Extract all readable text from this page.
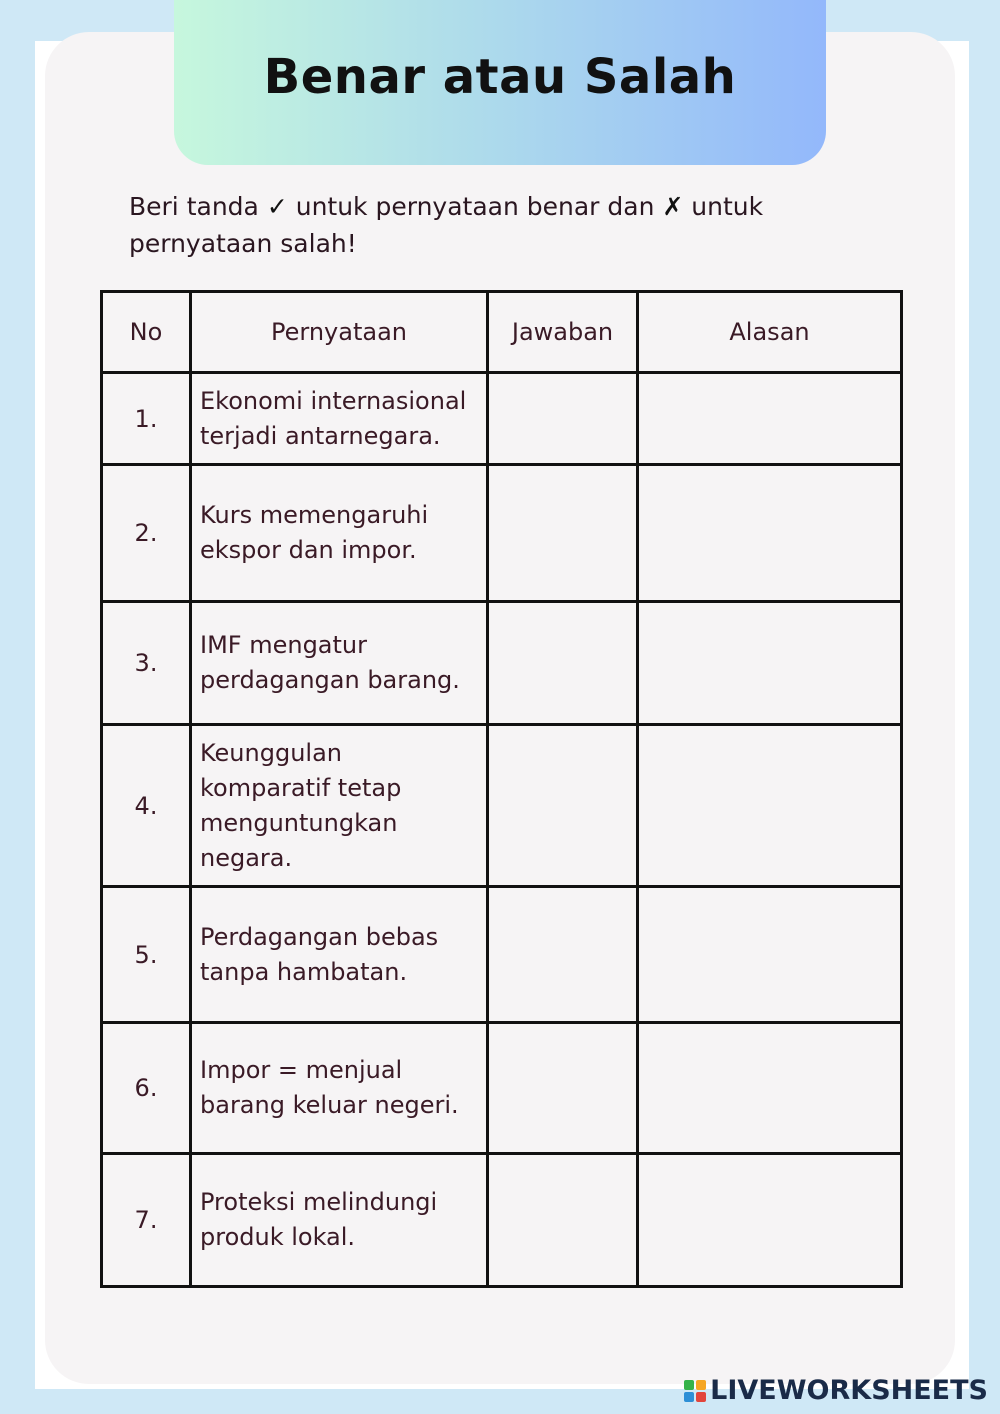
Benar atau Salah
Beri tanda ✓ untuk pernyataan benar dan ✗ untuk
pernyataan salah!
No	Pernyataan	Jawaban	Alasan
1.	Ekonomi internasional terjadi antarnegara.		
2.	Kurs memengaruhi ekspor dan impor.		
3.	IMF mengatur perdagangan barang.		
4.	Keunggulan komparatif tetap menguntungkan negara.		
5.	Perdagangan bebas tanpa hambatan.		
6.	Impor = menjual barang keluar negeri.		
7.	Proteksi melindungi produk lokal.		
LIVEWORKSHEETS
